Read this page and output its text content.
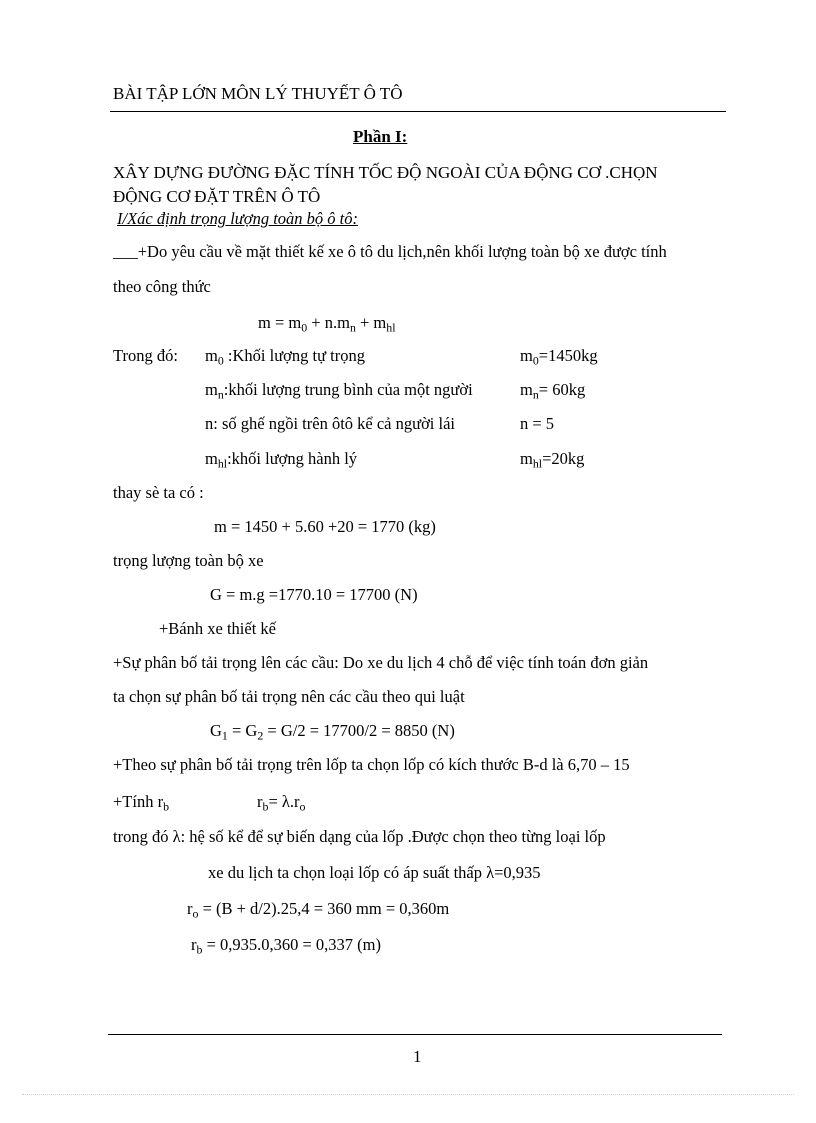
BÀI TẬP LỚN MÔN LÝ THUYẾT Ô TÔ
Phần I:
XÂY DỰNG ĐƯỜNG ĐẶC TÍNH TỐC ĐỘ NGOÀI CỦA ĐỘNG CƠ .CHỌN
ĐỘNG CƠ ĐẶT TRÊN Ô TÔ
I/Xác định trọng lượng toàn bộ ô tô:
___+Do yêu cầu về mặt thiết kế xe ô tô du lịch,nên khối lượng toàn bộ xe được tính
theo công thức
$m = m_0 + n.m_n + m_{hl}$
Trong đó: $m_0$ :Khối lượng tự trọng	$m_0=1450kg$
$m_n:khối$ lượng trung bình của một người	$m_n= 60kg$
n: số ghế ngồi trên ôtô kể cả người lái	n = 5
$m_{hl}:khối$ lượng hành lý	$m_{hl}=20kg$
thay sè ta có :
m = 1450 + 5.60 +20 = 1770 (kg)
trọng lượng toàn bộ xe
G = m.g =1770.10 = 17700 (N)
+Bánh xe thiết kế
+Sự phân bố tải trọng lên các cầu: Do xe du lịch 4 chỗ để việc tính toán đơn giản
ta chọn sự phân bố tải trọng nên các cầu theo qui luật
$G_1 = G_2 = G/2 = 17700/2 = 8850$ (N)
+Theo sự phân bố tải trọng trên lốp ta chọn lốp có kích thước B-d là 6,70 – 15
+Tính $r_b$	$r_b= \lambda.r_o$
trong đó λ: hệ số kể để sự biến dạng của lốp .Được chọn theo từng loại lốp
xe du lịch ta chọn loại lốp có áp suất thấp λ=0,935
$r_o = (B + d/2).25,4 = 360$ mm = 0,360m
$r_b = 0,935.0,360 = 0,337$ (m)
1
